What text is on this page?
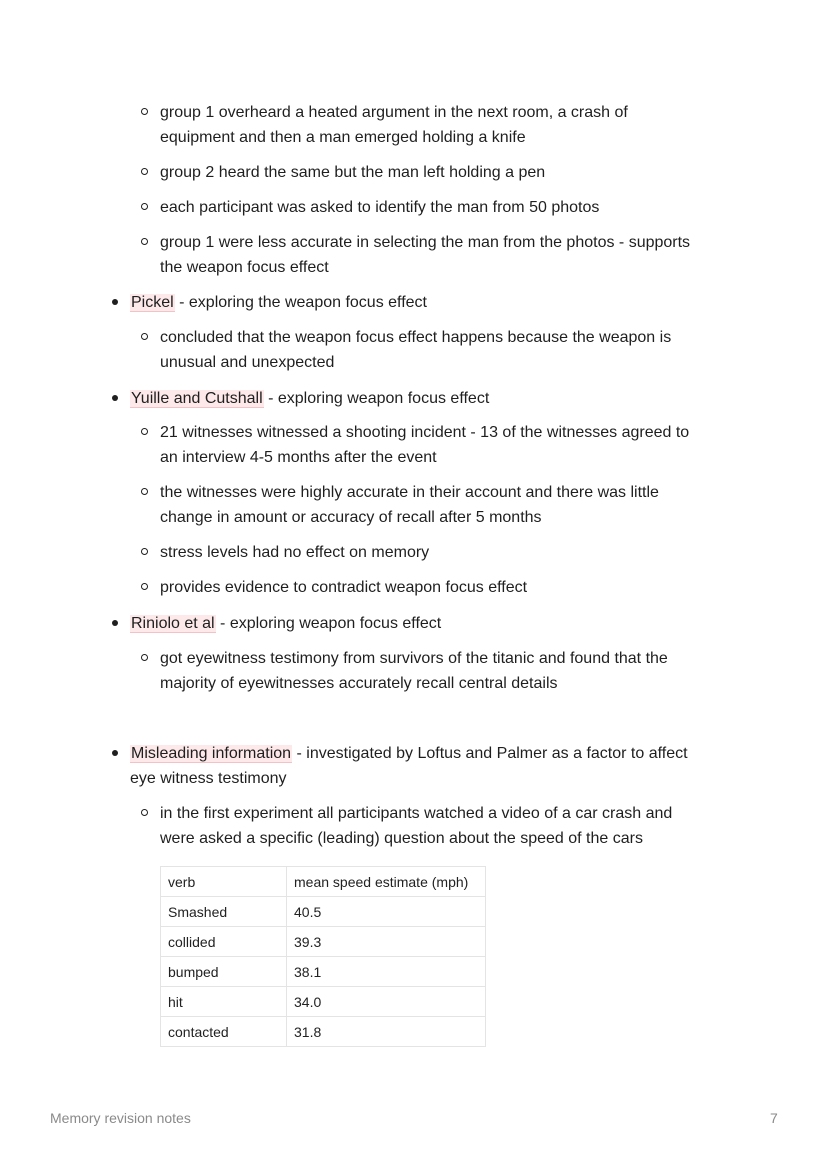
group 1 overheard a heated argument in the next room, a crash of
equipment and then a man emerged holding a knife
group 2 heard the same but the man left holding a pen
each participant was asked to identify the man from 50 photos
group 1 were less accurate in selecting the man from the photos - supports
the weapon focus effect
Pickel - exploring the weapon focus effect
concluded that the weapon focus effect happens because the weapon is
unusual and unexpected
Yuille and Cutshall - exploring weapon focus effect
21 witnesses witnessed a shooting incident - 13 of the witnesses agreed to
an interview 4-5 months after the event
the witnesses were highly accurate in their account and there was little
change in amount or accuracy of recall after 5 months
stress levels had no effect on memory
provides evidence to contradict weapon focus effect
Riniolo et al - exploring weapon focus effect
got eyewitness testimony from survivors of the titanic and found that the
majority of eyewitnesses accurately recall central details
Misleading information - investigated by Loftus and Palmer as a factor to affect
eye witness testimony
in the first experiment all participants watched a video of a car crash and
were asked a specific (leading) question about the speed of the cars
verb	mean speed estimate (mph)
Smashed	40.5
collided	39.3
bumped	38.1
hit	34.0
contacted	31.8
Memory revision notes	7
